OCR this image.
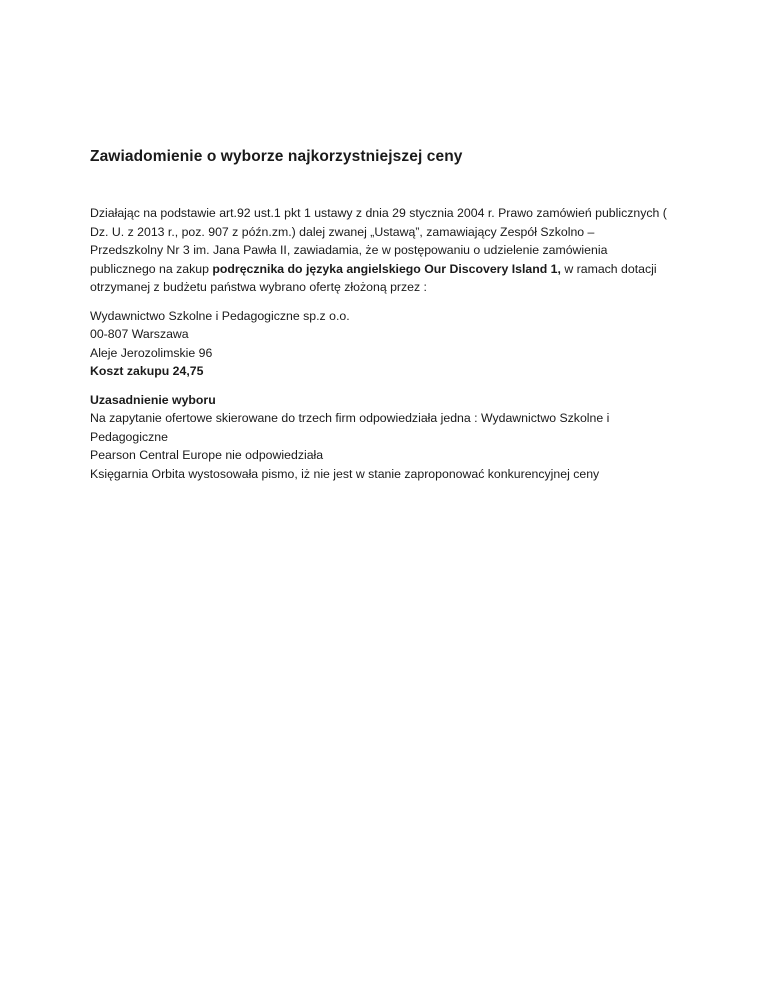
Zawiadomienie o wyborze najkorzystniejszej ceny

Działając na podstawie art.92 ust.1 pkt 1 ustawy z dnia 29 stycznia 2004 r. Prawo zamówień publicznych ( Dz. U. z 2013 r., poz. 907 z późn.zm.) dalej zwanej „Ustawą”, zamawiający Zespół Szkolno – Przedszkolny Nr 3 im. Jana Pawła II, zawiadamia, że w postępowaniu o udzielenie zamówienia publicznego na zakup podręcznika do języka angielskiego Our Discovery Island 1, w ramach dotacji otrzymanej z budżetu państwa wybrano ofertę złożoną przez :

Wydawnictwo Szkolne i Pedagogiczne sp.z o.o.
00-807 Warszawa
Aleje Jerozolimskie 96
Koszt zakupu 24,75
Uzasadnienie wyboru
Na zapytanie ofertowe skierowane do trzech firm odpowiedziała jedna : Wydawnictwo Szkolne i Pedagogiczne
Pearson Central Europe nie odpowiedziała
Księgarnia Orbita wystosowała pismo, iż nie jest w stanie zaproponować konkurencyjnej ceny
